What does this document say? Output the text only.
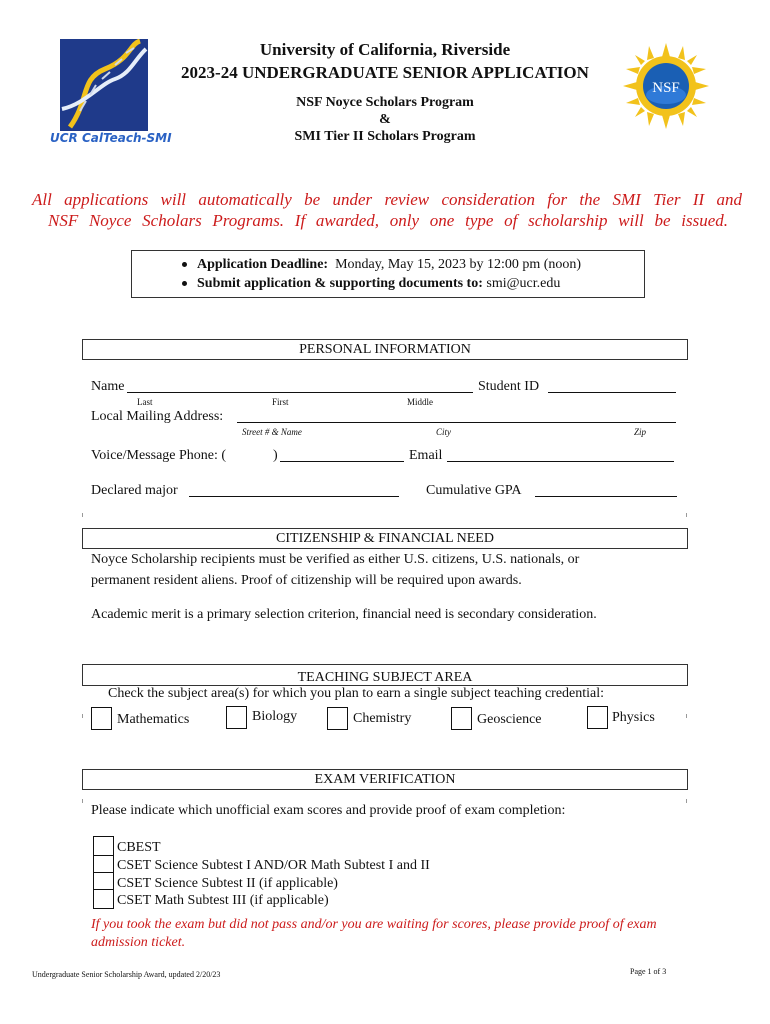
UCR CalTeach-SMI
NSF
University of California, Riverside
2023-24 UNDERGRADUATE SENIOR APPLICATION
NSF Noyce Scholars Program
&
SMI Tier II Scholars Program
All applications will automatically be under review consideration for the SMI Tier II and
NSF Noyce Scholars Programs. If awarded, only one type of scholarship will be issued.
Application Deadline: Monday, May 15, 2023 by 12:00 pm (noon)
Submit application & supporting documents to: smi@ucr.edu
PERSONAL INFORMATION
Name	Student ID
Last	First	Middle
Local Mailing Address:
Street # & Name	City	Zip
Voice/Message Phone: (	)	Email
Declared major	Cumulative GPA
CITIZENSHIP & FINANCIAL NEED
Noyce Scholarship recipients must be verified as either U.S. citizens, U.S. nationals, or
permanent resident aliens. Proof of citizenship will be required upon awards.
Academic merit is a primary selection criterion, financial need is secondary consideration.
TEACHING SUBJECT AREA
Check the subject area(s) for which you plan to earn a single subject teaching credential:
Mathematics	Biology	Chemistry	Geoscience	Physics
EXAM VERIFICATION
Please indicate which unofficial exam scores and provide proof of exam completion:
CBEST
CSET Science Subtest I AND/OR Math Subtest I and II
CSET Science Subtest II (if applicable)
CSET Math Subtest III (if applicable)
If you took the exam but did not pass and/or you are waiting for scores, please provide proof of exam
admission ticket.
Undergraduate Senior Scholarship Award, updated 2/20/23	Page 1 of 3
